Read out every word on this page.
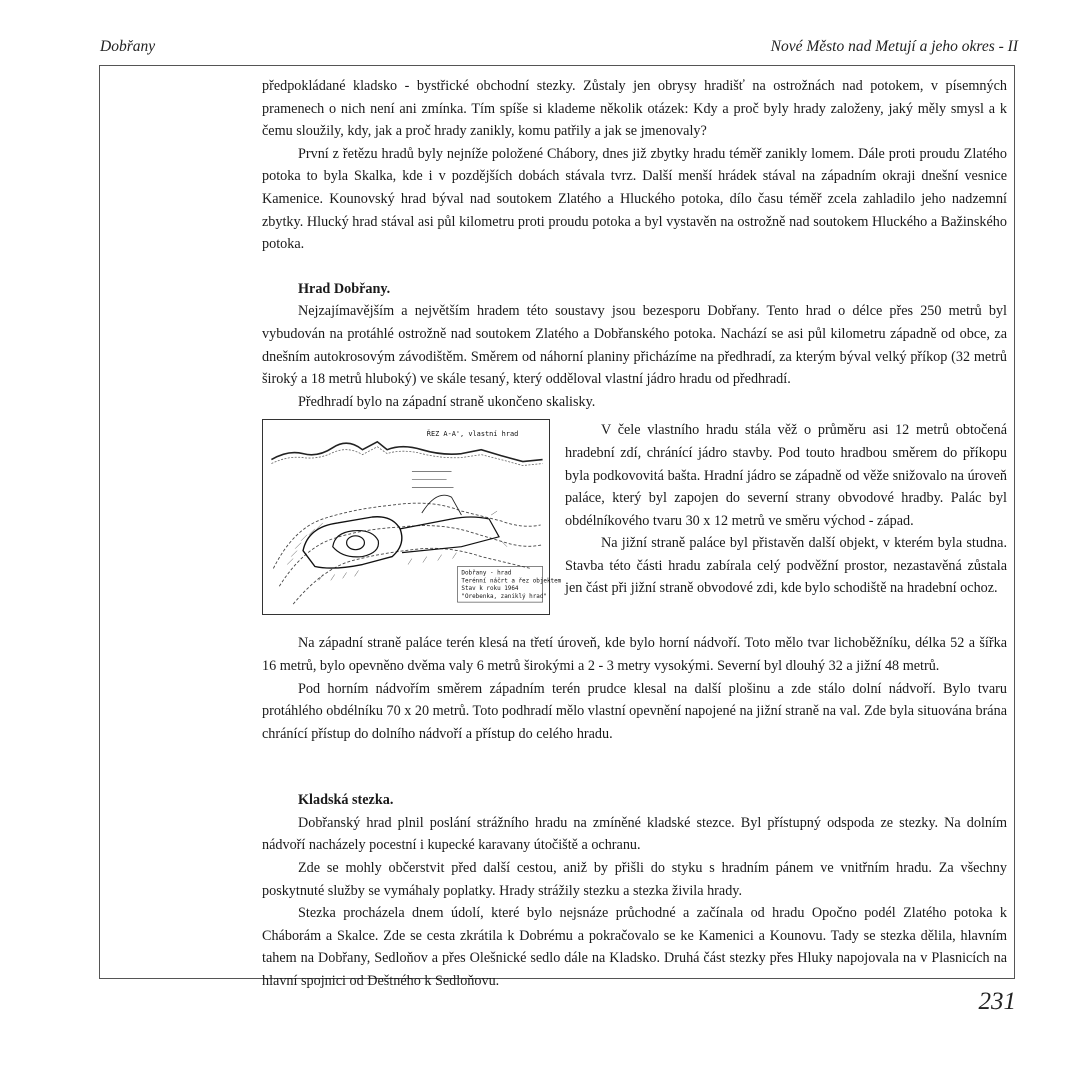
Dobřany	Nové Město nad Metují a jeho okres - II

předpokládané kladsko - bystřické obchodní stezky. Zůstaly jen obrysy hradišť na ostrožnách nad potokem, v písemných pramenech o nich není ani zmínka. Tím spíše si klademe několik otázek: Kdy a proč byly hrady založeny, jaký měly smysl a k čemu sloužily, kdy, jak a proč hrady zanikly, komu patřily a jak se jmenovaly?

První z řetězu hradů byly nejníže položené Chábory, dnes již zbytky hradu téměř zanikly lomem. Dále proti proudu Zlatého potoka to byla Skalka, kde i v pozdějších dobách stávala tvrz. Další menší hrádek stával na západním okraji dnešní vesnice Kamenice. Kounovský hrad býval nad soutokem Zlatého a Hluckého potoka, dílo času téměř zcela zahladilo jeho nadzemní zbytky. Hlucký hrad stával asi půl kilometru proti proudu potoka a byl vystavěn na ostrožně nad soutokem Hluckého a Bažinského potoka.

Hrad Dobřany.

Nejzajímavějším a největším hradem této soustavy jsou bezesporu Dobřany. Tento hrad o délce přes 250 metrů byl vybudován na protáhlé ostrožně nad soutokem Zlatého a Dobřanského potoka. Nachází se asi půl kilometru západně od obce, za dnešním autokrosovým závodištěm. Směrem od náhorní planiny přicházíme na předhradí, za kterým býval velký příkop (32 metrů široký a 18 metrů hluboký) ve skále tesaný, který odděloval vlastní jádro hradu od předhradí.

Předhradí bylo na západní straně ukončeno skalisky.

ŘEZ A-A', vlastní hrad
Dobřany - hrad
Terénní náčrt a řez objektem
Stav k roku 1964
"Orebenka, zaniklý hrad"

V čele vlastního hradu stála věž o průměru asi 12 metrů obtočená hradební zdí, chránící jádro stavby. Pod touto hradbou směrem do příkopu byla podkovovitá bašta. Hradní jádro se západně od věže snižovalo na úroveň paláce, který byl zapojen do severní strany obvodové hradby. Palác byl obdélníkového tvaru 30 x 12 metrů ve směru východ - západ.

Na jižní straně paláce byl přistavěn další objekt, v kterém byla studna. Stavba této části hradu zabírala celý podvěžní prostor, nezastavěná zůstala jen část při jižní straně obvodové zdi, kde bylo schodiště na hradební ochoz.

Na západní straně paláce terén klesá na třetí úroveň, kde bylo horní nádvoří. Toto mělo tvar lichoběžníku, délka 52 a šířka 16 metrů, bylo opevněno dvěma valy 6 metrů širokými a 2 - 3 metry vysokými. Severní byl dlouhý 32 a jižní 48 metrů.

Pod horním nádvořím směrem západním terén prudce klesal na další plošinu a zde stálo dolní nádvoří. Bylo tvaru protáhlého obdélníku 70 x 20 metrů. Toto podhradí mělo vlastní opevnění napojené na jižní straně na val. Zde byla situována brána chránící přístup do dolního nádvoří a přístup do celého hradu.

Kladská stezka.

Dobřanský hrad plnil poslání strážního hradu na zmíněné kladské stezce. Byl přístupný odspoda ze stezky. Na dolním nádvoří nacházely pocestní i kupecké karavany útočiště a ochranu.

Zde se mohly občerstvit před další cestou, aniž by přišli do styku s hradním pánem ve vnitřním hradu. Za všechny poskytnuté služby se vymáhaly poplatky. Hrady strážily stezku a stezka živila hrady.

Stezka procházela dnem údolí, které bylo nejsnáze průchodné a začínala od hradu Opočno podél Zlatého potoka k Cháborám a Skalce. Zde se cesta zkrátila k Dobrému a pokračovalo se ke Kamenici a Kounovu. Tady se stezka dělila, hlavním tahem na Dobřany, Sedloňov a přes Olešnické sedlo dále na Kladsko. Druhá část stezky přes Hluky napojovala na v Plasnicích na hlavní spojnici od Deštného k Sedloňovu.

231
